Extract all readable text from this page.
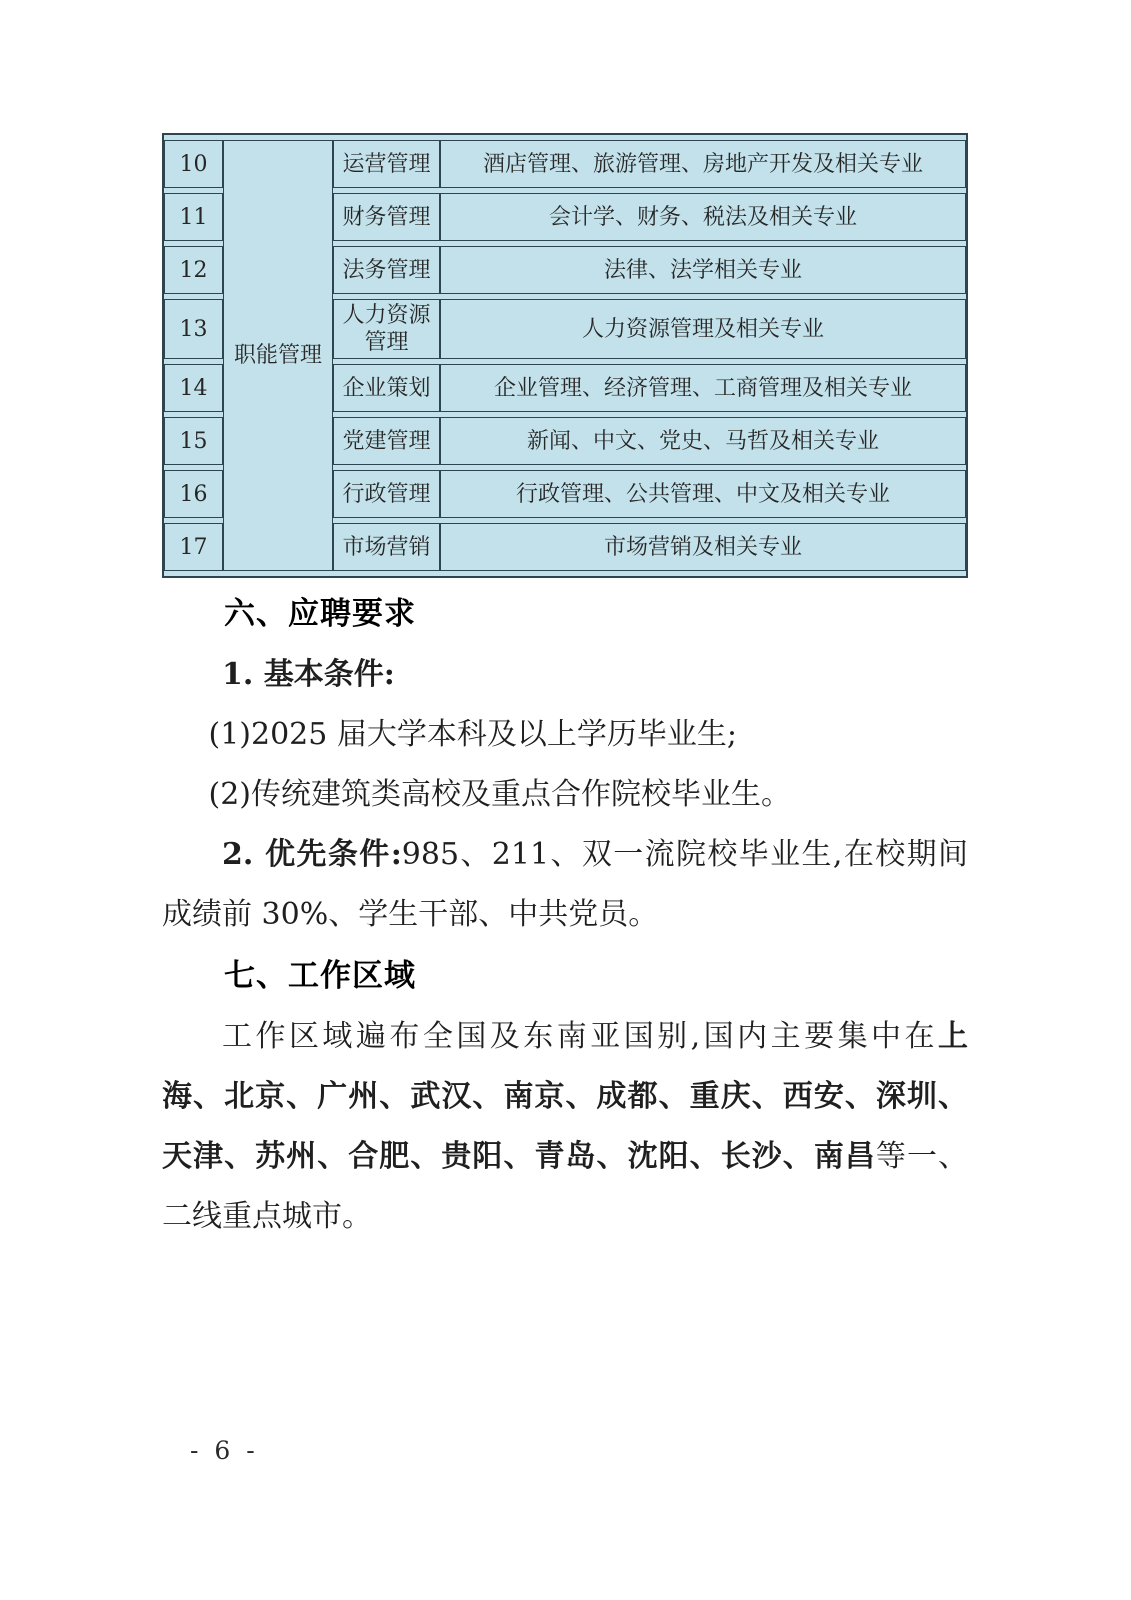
10	职能管理	运营管理	酒店管理、旅游管理、房地产开发及相关专业
11		财务管理	会计学、财务、税法及相关专业
12		法务管理	法律、法学相关专业
13		人力资源管理	人力资源管理及相关专业
14		企业策划	企业管理、经济管理、工商管理及相关专业
15		党建管理	新闻、中文、党史、马哲及相关专业
16		行政管理	行政管理、公共管理、中文及相关专业
17		市场营销	市场营销及相关专业
六、应聘要求
1. 基本条件:
(1)2025 届大学本科及以上学历毕业生;
(2)传统建筑类高校及重点合作院校毕业生。
2. 优先条件:985、211、双一流院校毕业生,在校期间
成绩前 30%、学生干部、中共党员。
七、工作区域
工作区域遍布全国及东南亚国别,国内主要集中在上
海、北京、广州、武汉、南京、成都、重庆、西安、深圳、
天津、苏州、合肥、贵阳、青岛、沈阳、长沙、南昌等一、
二线重点城市。
- 6 -
